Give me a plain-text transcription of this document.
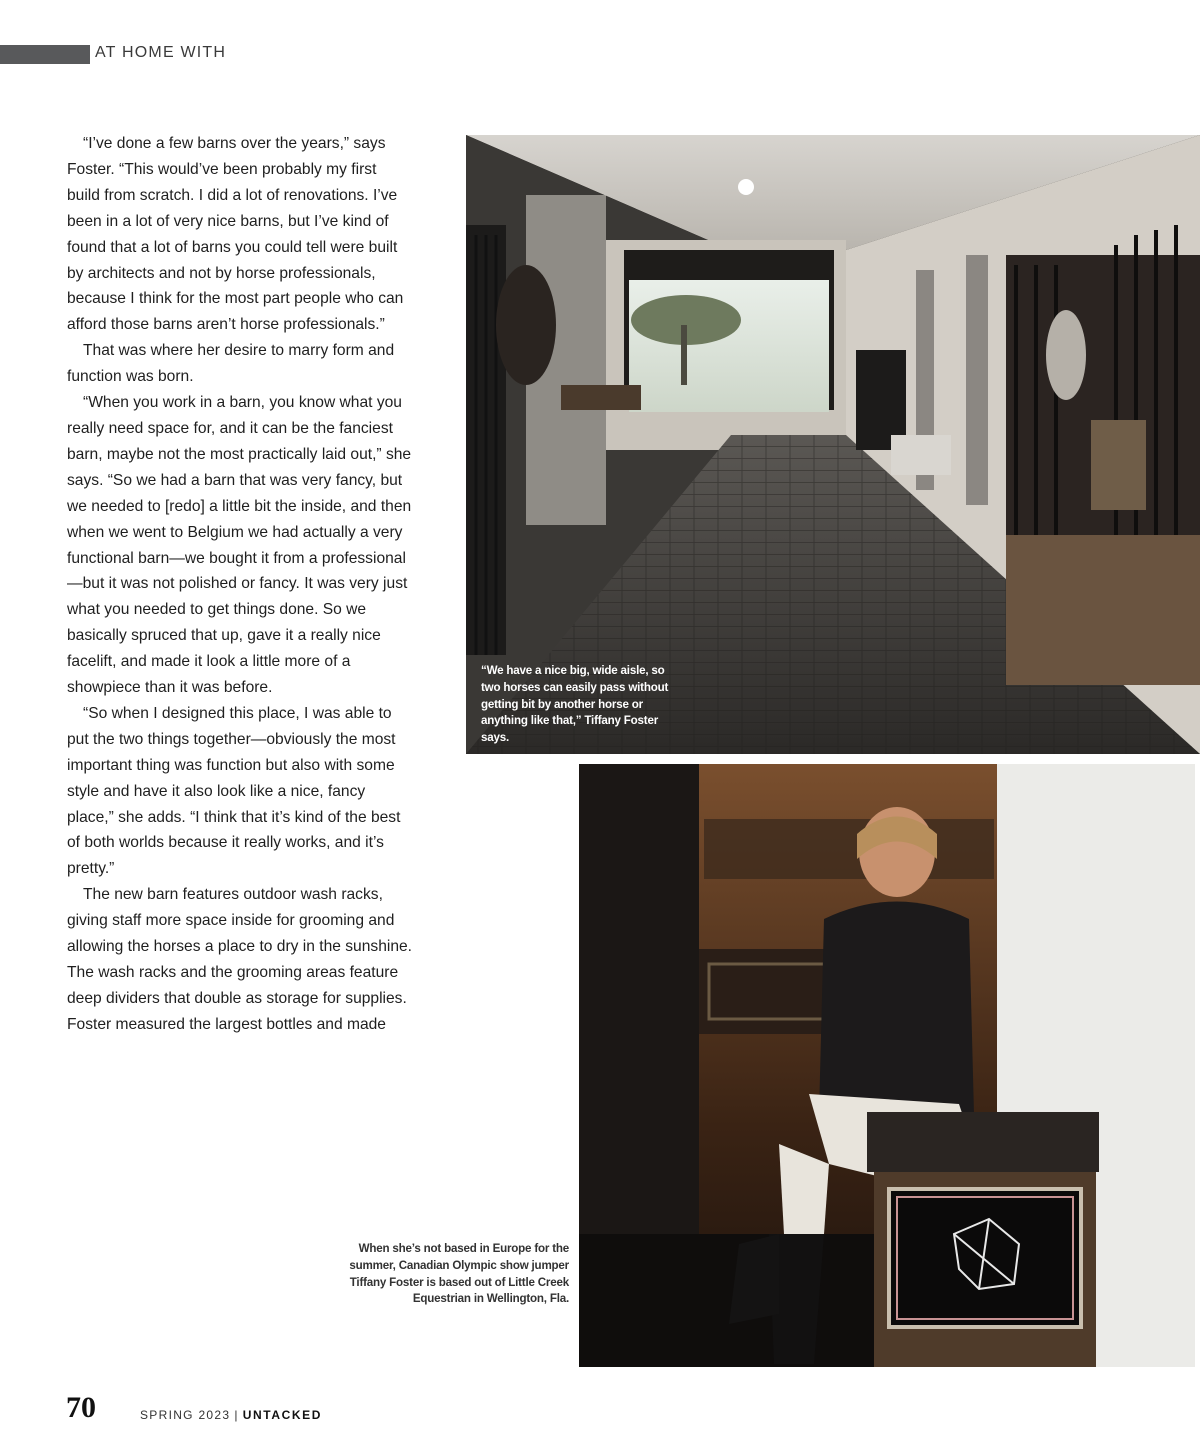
AT HOME WITH

“I’ve done a few barns over the years,” says Foster. “This would’ve been probably my first build from scratch. I did a lot of renovations. I’ve been in a lot of very nice barns, but I’ve kind of found that a lot of barns you could tell were built by architects and not by horse professionals, because I think for the most part people who can afford those barns aren’t horse professionals.”

That was where her desire to marry form and function was born.

“When you work in a barn, you know what you really need space for, and it can be the fanciest barn, maybe not the most practically laid out,” she says. “So we had a barn that was very fancy, but we needed to [redo] a little bit the inside, and then when we went to Belgium we had actually a very functional barn—we bought it from a professional—but it was not polished or fancy. It was very just what you needed to get things done. So we basically spruced that up, gave it a really nice facelift, and made it look a little more of a showpiece than it was before.

“So when I designed this place, I was able to put the two things together—obviously the most important thing was function but also with some style and have it also look like a nice, fancy place,” she adds. “I think that it’s kind of the best of both worlds because it really works, and it’s pretty.”

The new barn features outdoor wash racks, giving staff more space inside for grooming and allowing the horses a place to dry in the sunshine. The wash racks and the grooming areas feature deep dividers that double as storage for supplies. Foster measured the largest bottles and made

“We have a nice big, wide aisle, so two horses can easily pass without getting bit by another horse or anything like that,” Tiffany Foster says.
When she’s not based in Europe for the summer, Canadian Olympic show jumper Tiffany Foster is based out of Little Creek Equestrian in Wellington, Fla.
70	SPRING 2023 | UNTACKED
